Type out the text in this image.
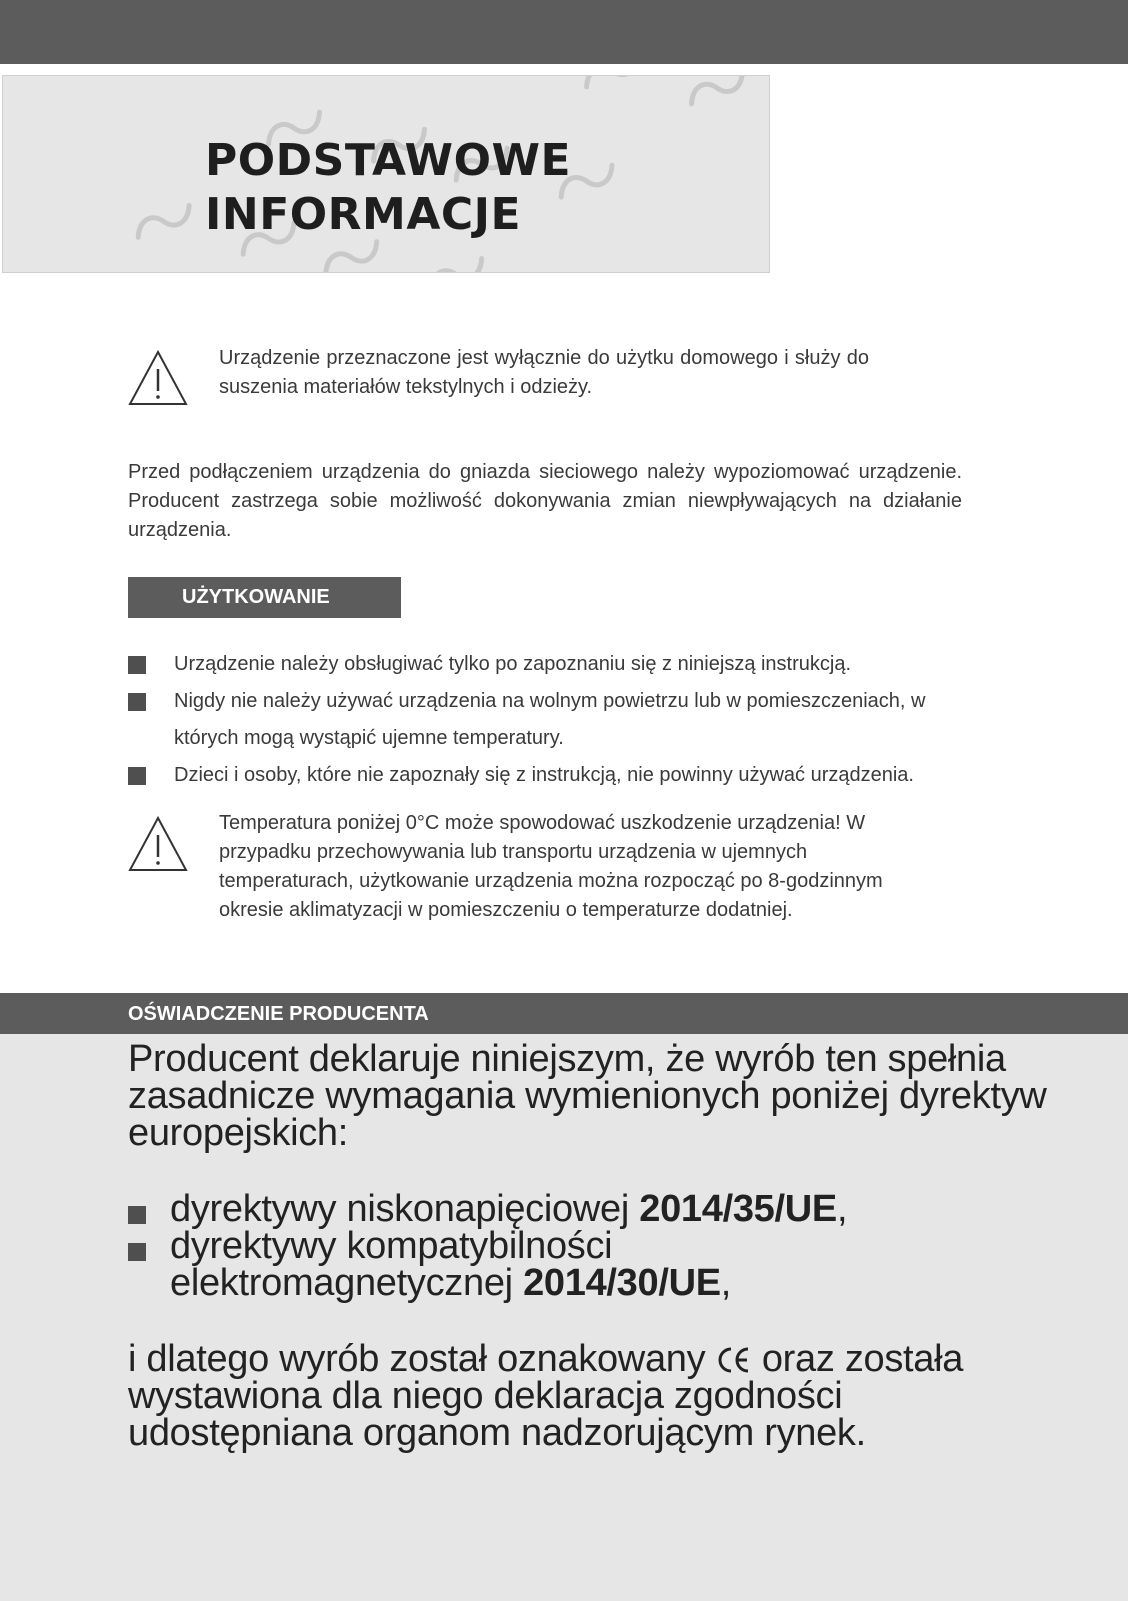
PODSTAWOWE
INFORMACJE
Urządzenie przeznaczone jest wyłącznie do użytku domowego i służy do suszenia materiałów tekstylnych i odzieży.
Przed podłączeniem urządzenia do gniazda sieciowego należy wypoziomować urządzenie. Producent zastrzega sobie możliwość dokonywania zmian niewpływających na działanie urządzenia.
UŻYTKOWANIE
Urządzenie należy obsługiwać tylko po zapoznaniu się z niniejszą instrukcją.
Nigdy nie należy używać urządzenia na wolnym powietrzu lub w pomieszczeniach, w których mogą wystąpić ujemne temperatury.
Dzieci i osoby, które nie zapoznały się z instrukcją, nie powinny używać urządzenia.
Temperatura poniżej 0°C może spowodować uszkodzenie urządzenia! W przypadku przechowywania lub transportu urządzenia w ujemnych temperaturach, użytkowanie urządzenia można rozpocząć po 8-godzinnym okresie aklimatyzacji w pomieszczeniu o temperaturze dodatniej.
OŚWIADCZENIE PRODUCENTA
Producent deklaruje niniejszym, że wyrób ten spełnia zasadnicze wymagania wymienionych poniżej dyrektyw europejskich:
dyrektywy niskonapięciowej 2014/35/UE,
dyrektywy kompatybilności
elektromagnetycznej 2014/30/UE,
i dlatego wyrób został oznakowany  oraz została wystawiona dla niego deklaracja zgodności udostępniana organom nadzorującym rynek.
